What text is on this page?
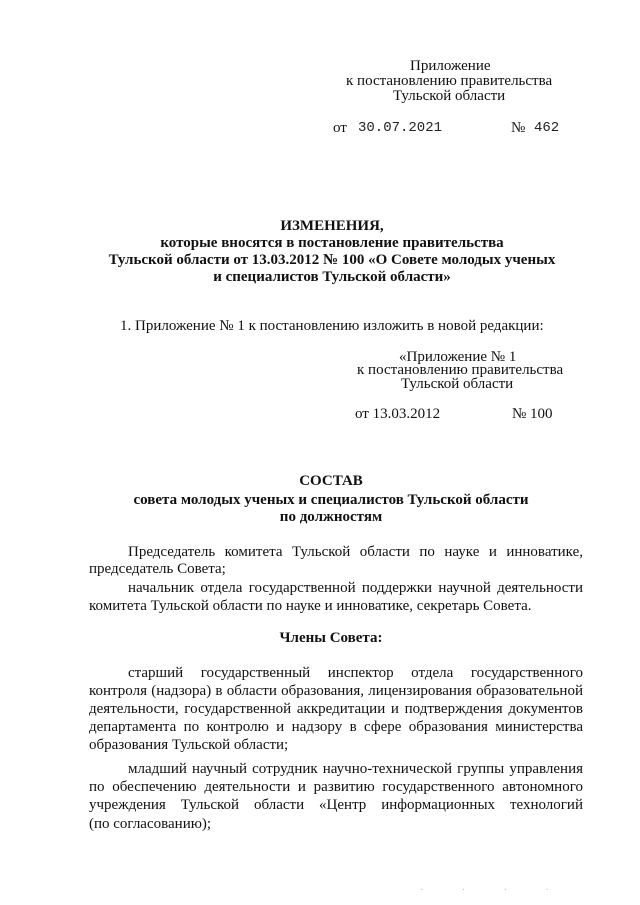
Приложение
к постановлению правительства
Тульской области
от 30.07.2021	№ 462
ИЗМЕНЕНИЯ,
которые вносятся в постановление правительства
Тульской области от 13.03.2012 № 100 «О Совете молодых ученых
и специалистов Тульской области»
1. Приложение № 1 к постановлению изложить в новой редакции:
«Приложение № 1
к постановлению правительства
Тульской области
от 13.03.2012	№ 100
СОСТАВ
совета молодых ученых и специалистов Тульской области
по должностям
Председатель комитета Тульской области по науке и инноватике,
председатель Совета;
начальник отдела государственной поддержки научной деятельности
комитета Тульской области по науке и инноватике, секретарь Совета.
Члены Совета:
старший государственный инспектор отдела государственного
контроля (надзора) в области образования, лицензирования образовательной
деятельности, государственной аккредитации и подтверждения документов
департамента по контролю и надзору в сфере образования министерства
образования Тульской области;
младший научный сотрудник научно-технической группы управления
по обеспечению деятельности и развитию государственного автономного
учреждения Тульской области «Центр информационных технологий
(по согласованию);
· · · ·
